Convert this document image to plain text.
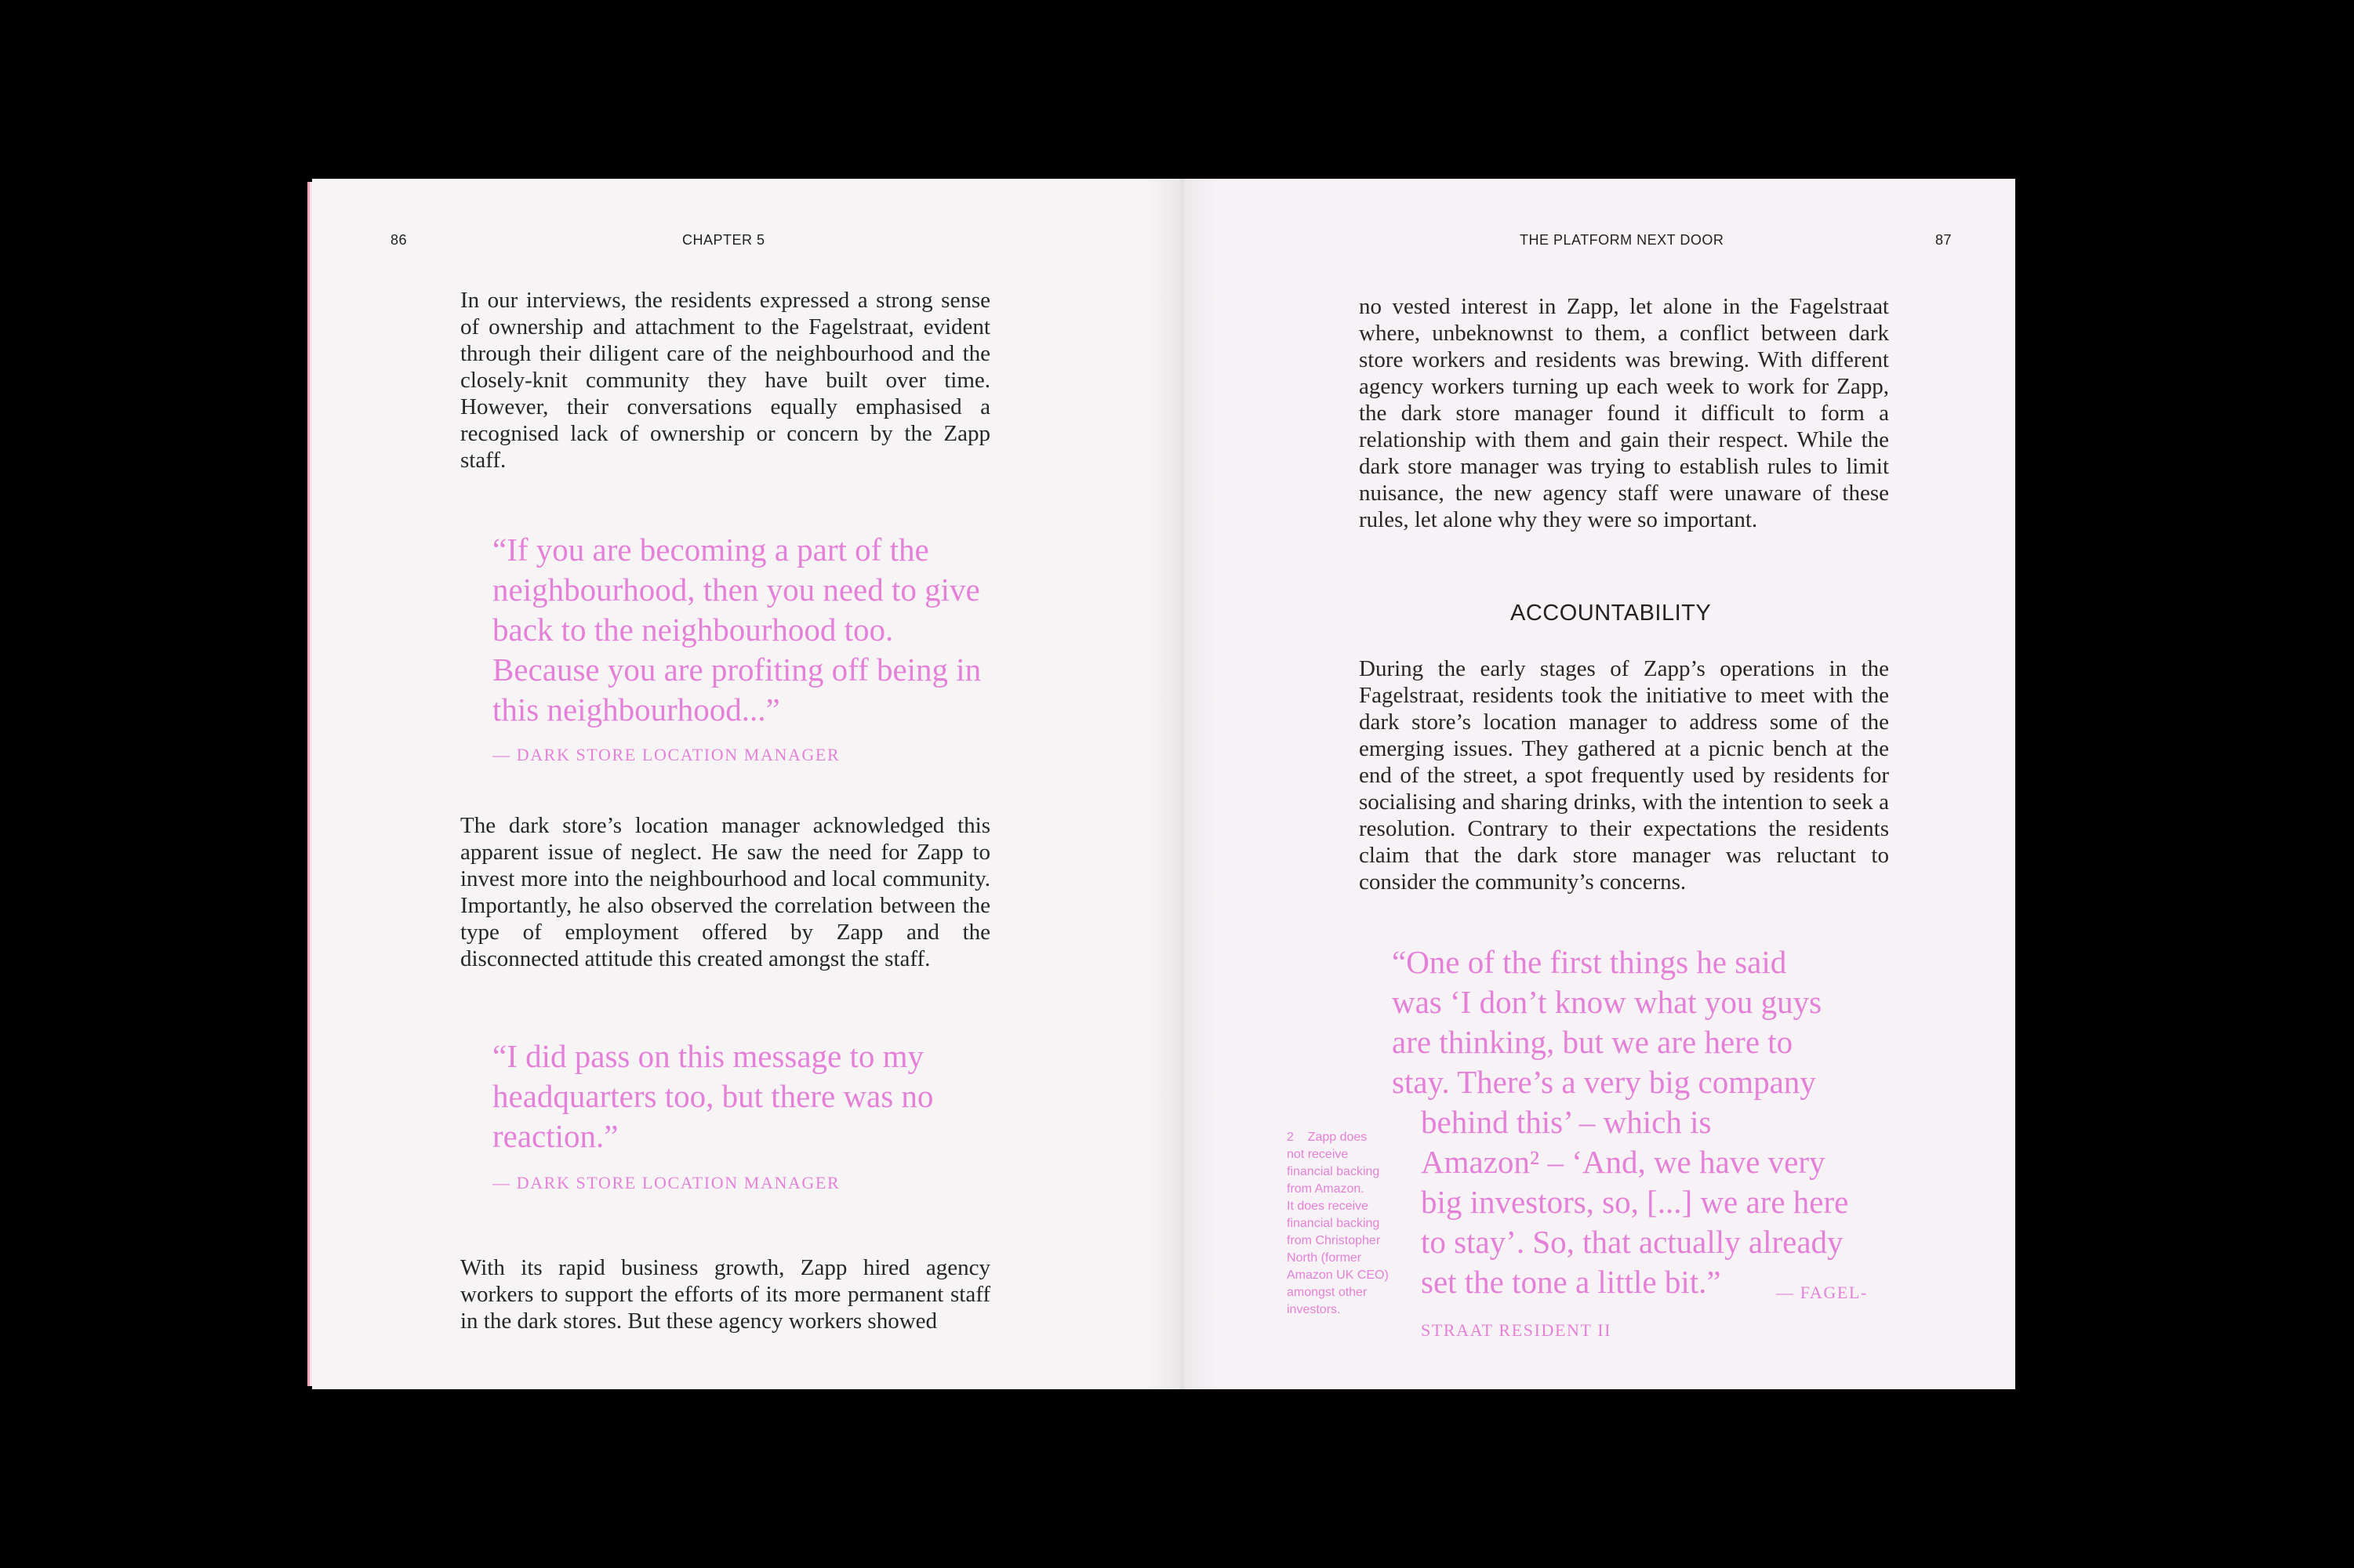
86	CHAPTER 5

In our interviews, the residents expressed a strong sense of ownership and attachment to the Fagelstraat, evident through their diligent care of the neighbourhood and the closely-knit community they have built over time. However, their conversations equally emphasised a recognised lack of ownership or concern by the Zapp staff.

“If you are becoming a part of the neighbourhood, then you need to give back to the neighbourhood too. Because you are profiting off being in this neighbourhood...”

— DARK STORE LOCATION MANAGER

The dark store’s location manager acknowledged this apparent issue of neglect. He saw the need for Zapp to invest more into the neighbourhood and local community. Importantly, he also observed the correlation between the type of employment offered by Zapp and the disconnected attitude this created amongst the staff.

“I did pass on this message to my headquarters too, but there was no reaction.”

— DARK STORE LOCATION MANAGER

With its rapid business growth, Zapp hired agency workers to support the efforts of its more permanent staff in the dark stores. But these agency workers showed

THE PLATFORM NEXT DOOR	87

no vested interest in Zapp, let alone in the Fagelstraat where, unbeknownst to them, a conflict between dark store workers and residents was brewing. With different agency workers turning up each week to work for Zapp, the dark store manager found it difficult to form a relationship with them and gain their respect. While the dark store manager was trying to establish rules to limit nuisance, the new agency staff were unaware of these rules, let alone why they were so important.

ACCOUNTABILITY

During the early stages of Zapp’s operations in the Fagelstraat, residents took the initiative to meet with the dark store’s location manager to address some of the emerging issues. They gathered at a picnic bench at the end of the street, a spot frequently used by residents for socialising and sharing drinks, with the intention to seek a resolution. Contrary to their expectations the residents claim that the dark store manager was reluctant to consider the community’s concerns.

“One of the first things he said
was ‘I don’t know what you guys
are thinking, but we are here to
stay. There’s a very big company
behind this’ – which is
Amazon² – ‘And, we have very
big investors, so, [...] we are here
to stay’. So, that actually already
set the tone a little bit.”	— FAGEL-
STRAAT RESIDENT II
2    Zapp does
not receive
financial backing
from Amazon.
It does receive
financial backing
from Christopher
North (former
Amazon UK CEO)
amongst other
investors.
